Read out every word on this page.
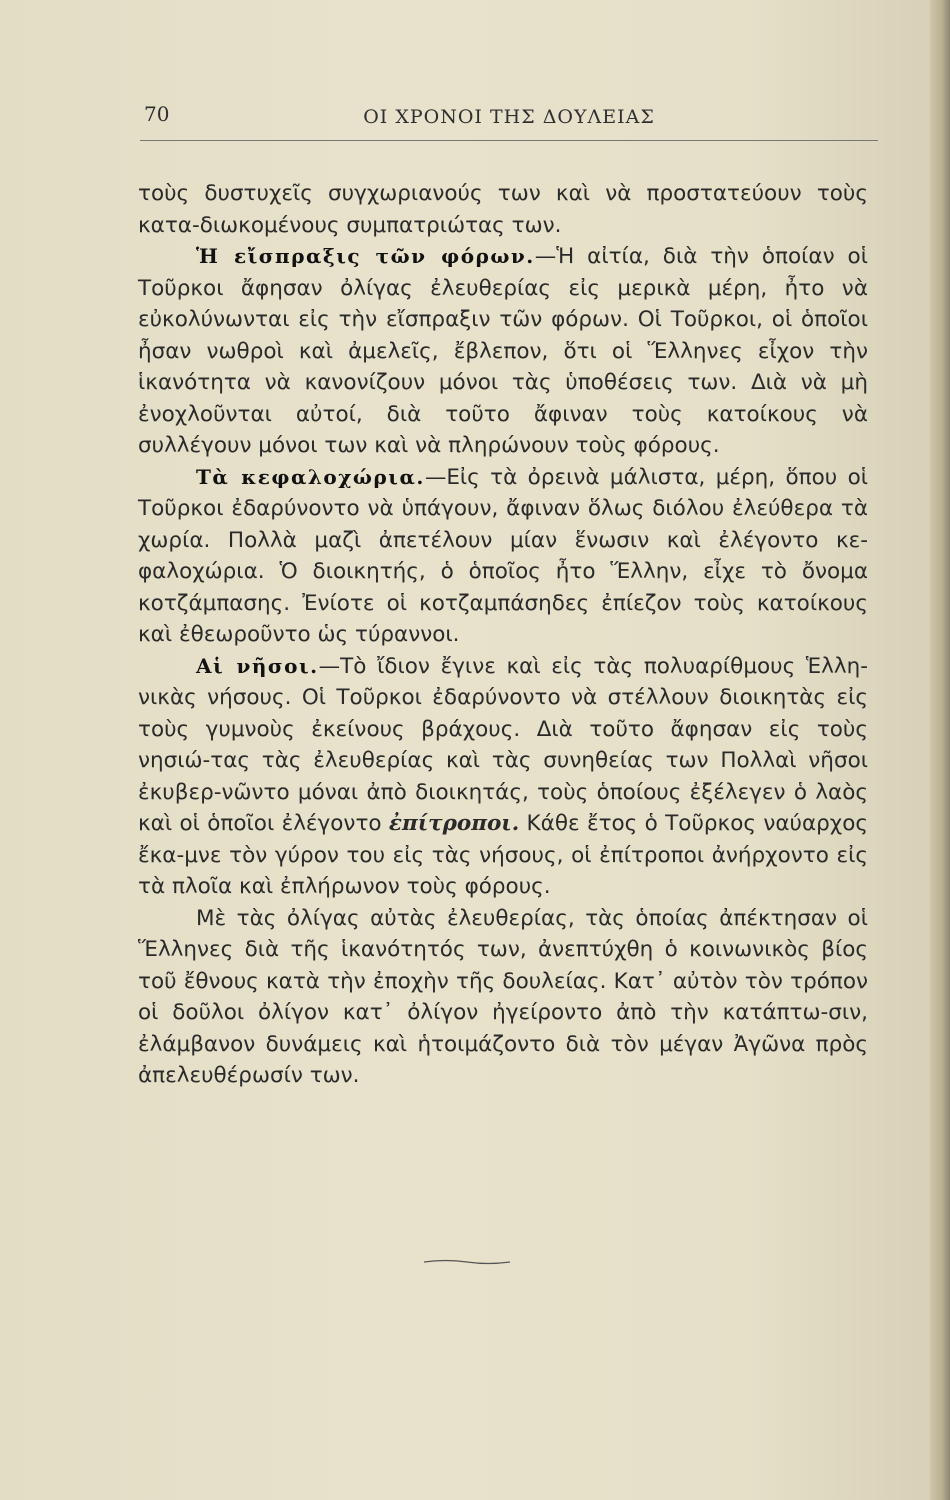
70	ΟΙ ΧΡΟΝΟΙ ΤΗΣ ΔΟΥΛΕΙΑΣ

τοὺς δυστυχεῖς συγχωριανούς των καὶ νὰ προστατεύουν τοὺς κατα-διωκομένους συμπατριώτας των.

Ἡ εἴσπραξις τῶν φόρων.—Ἡ αἰτία, διὰ τὴν ὁποίαν οἱ Τοῦρκοι ἄφησαν ὀλίγας ἐλευθερίας εἰς μερικὰ μέρη, ἦτο νὰ εὐκολύνωνται εἰς τὴν εἴσπραξιν τῶν φόρων. Οἱ Τοῦρκοι, οἱ ὁποῖοι ἦσαν νωθροὶ καὶ ἀμελεῖς, ἔβλεπον, ὅτι οἱ Ἕλληνες εἶχον τὴν ἱκανότητα νὰ κανονίζουν μόνοι τὰς ὑποθέσεις των. Διὰ νὰ μὴ ἐνοχλοῦνται αὐτοί, διὰ τοῦτο ἄφιναν τοὺς κατοίκους νὰ συλλέγουν μόνοι των καὶ νὰ πληρώνουν τοὺς φόρους.

Τὰ κεφαλοχώρια.—Εἰς τὰ ὀρεινὰ μάλιστα, μέρη, ὅπου οἱ Τοῦρκοι ἐδαρύνοντο νὰ ὑπάγουν, ἄφιναν ὅλως διόλου ἐλεύθερα τὰ χωρία. Πολλὰ μαζὶ ἀπετέλουν μίαν ἕνωσιν καὶ ἐλέγοντο κε-φαλοχώρια. Ὁ διοικητής, ὁ ὁποῖος ἦτο Ἕλλην, εἶχε τὸ ὄνομα κοτζάμπασης. Ἐνίοτε οἱ κοτζαμπάσηδες ἐπίεζον τοὺς κατοίκους καὶ ἐθεωροῦντο ὡς τύραννοι.

Αἱ νῆσοι.—Τὸ ἴδιον ἔγινε καὶ εἰς τὰς πολυαρίθμους Ἑλλη-νικὰς νήσους. Οἱ Τοῦρκοι ἐδαρύνοντο νὰ στέλλουν διοικητὰς εἰς τοὺς γυμνοὺς ἐκείνους βράχους. Διὰ τοῦτο ἄφησαν εἰς τοὺς νησιώ-τας τὰς ἐλευθερίας καὶ τὰς συνηθείας των Πολλαὶ νῆσοι ἐκυβερ-νῶντο μόναι ἀπὸ διοικητάς, τοὺς ὁποίους ἐξέλεγεν ὁ λαὸς καὶ οἱ ὁποῖοι ἐλέγοντο ἐπίτροποι. Κάθε ἔτος ὁ Τοῦρκος ναύαρχος ἔκα-μνε τὸν γύρον του εἰς τὰς νήσους, οἱ ἐπίτροποι ἀνήρχοντο εἰς τὰ πλοῖα καὶ ἐπλήρωνον τοὺς φόρους.

Μὲ τὰς ὀλίγας αὐτὰς ἐλευθερίας, τὰς ὁποίας ἀπέκτησαν οἱ Ἕλληνες διὰ τῆς ἱκανότητός των, ἀνεπτύχθη ὁ κοινωνικὸς βίος τοῦ ἔθνους κατὰ τὴν ἐποχὴν τῆς δουλείας. Κατ᾽ αὐτὸν τὸν τρόπον οἱ δοῦλοι ὀλίγον κατ᾽ ὀλίγον ἠγείροντο ἀπὸ τὴν κατάπτω-σιν, ἐλάμβανον δυνάμεις καὶ ἡτοιμάζοντο διὰ τὸν μέγαν Ἀγῶνα πρὸς ἀπελευθέρωσίν των.
